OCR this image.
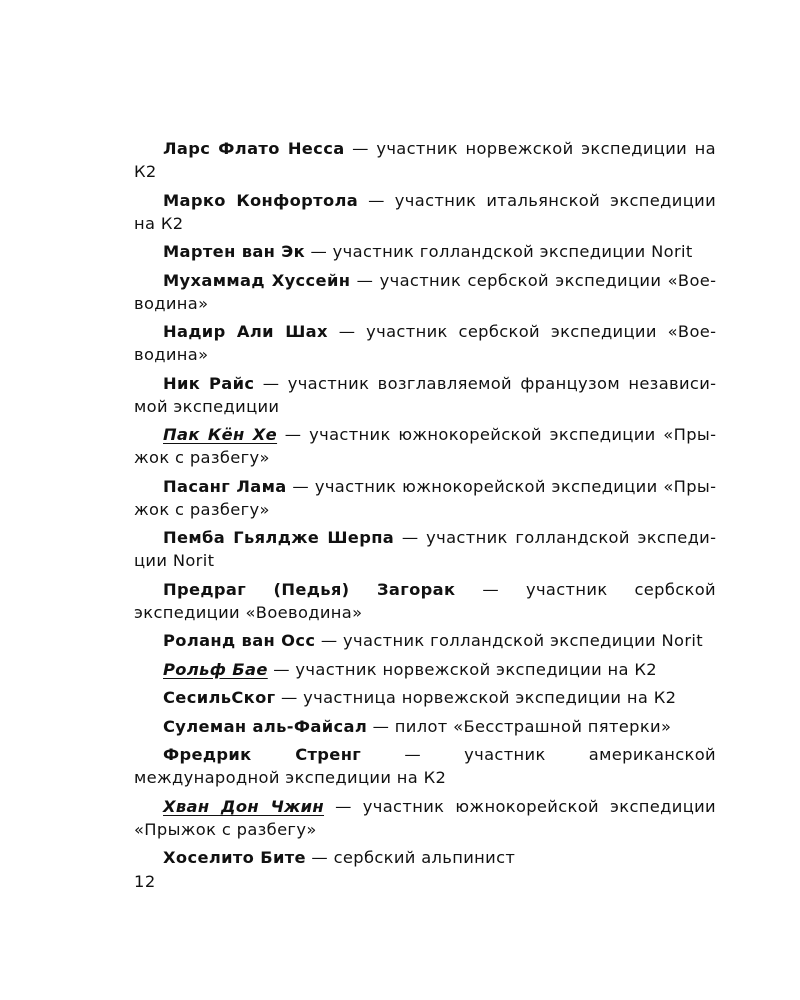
Ларс Флато Несса — участник норвежской экспедиции на К2

Марко Конфортола — участник итальянской экспедиции на К2

Мартен ван Эк — участник голландской экспедиции Norit

Мухаммад Хуссейн — участник сербской экспедиции «Воеводина»

Надир Али Шах — участник сербской экспедиции «Воеводина»

Ник Райс — участник возглавляемой французом независимой экспедиции

Пак Кён Хе — участник южнокорейской экспедиции «Прыжок с разбегу»

Пасанг Лама — участник южнокорейской экспедиции «Прыжок с разбегу»

Пемба Гьялдже Шерпа — участник голландской экспедиции Norit

Предраг (Педья) Загорак — участник сербской экспедиции «Воеводина»

Роланд ван Осс — участник голландской экспедиции Norit

Рольф Бае — участник норвежской экспедиции на К2

СесильСког — участница норвежской экспедиции на К2

Сулеман аль-Файсал — пилот «Бесстрашной пятерки»

Фредрик Стренг — участник американской международной экспедиции на К2

Хван Дон Чжин — участник южнокорейской экспедиции «Прыжок с разбегу»

Хоселито Бите — сербский альпинист

12
